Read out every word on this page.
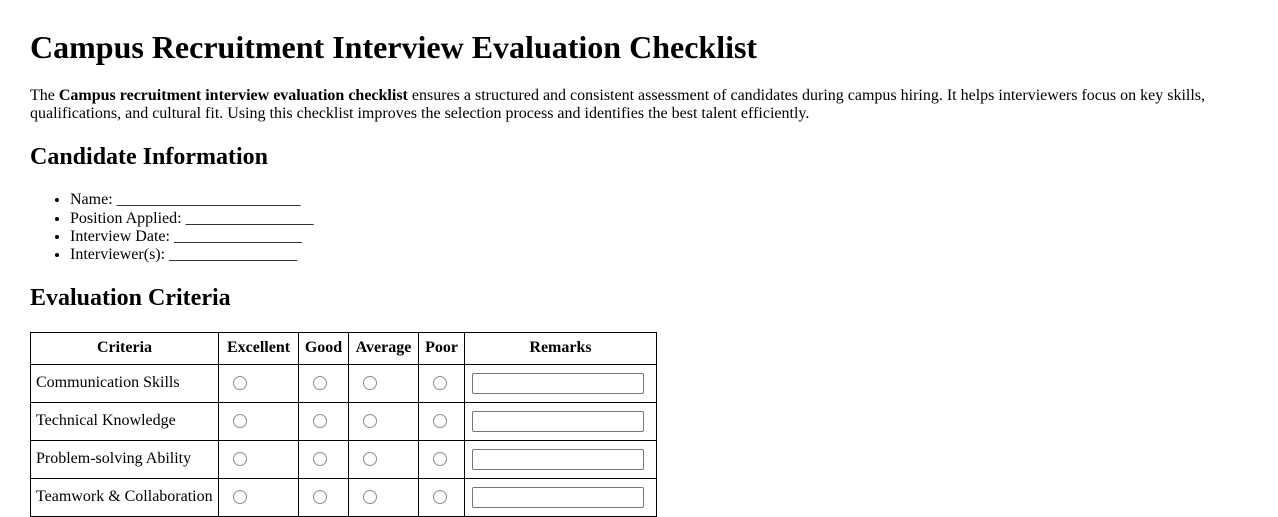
Campus Recruitment Interview Evaluation Checklist

The Campus recruitment interview evaluation checklist ensures a structured and consistent assessment of candidates during campus hiring. It helps interviewers focus on key skills, qualifications, and cultural fit. Using this checklist improves the selection process and identifies the best talent efficiently.

Candidate Information
• Name: _______________________
• Position Applied: ________________
• Interview Date: ________________
• Interviewer(s): ________________
Evaluation Criteria
Criteria	Excellent	Good	Average	Poor	Remarks
Communication Skills					
Technical Knowledge					
Problem-solving Ability					
Teamwork & Collaboration					
